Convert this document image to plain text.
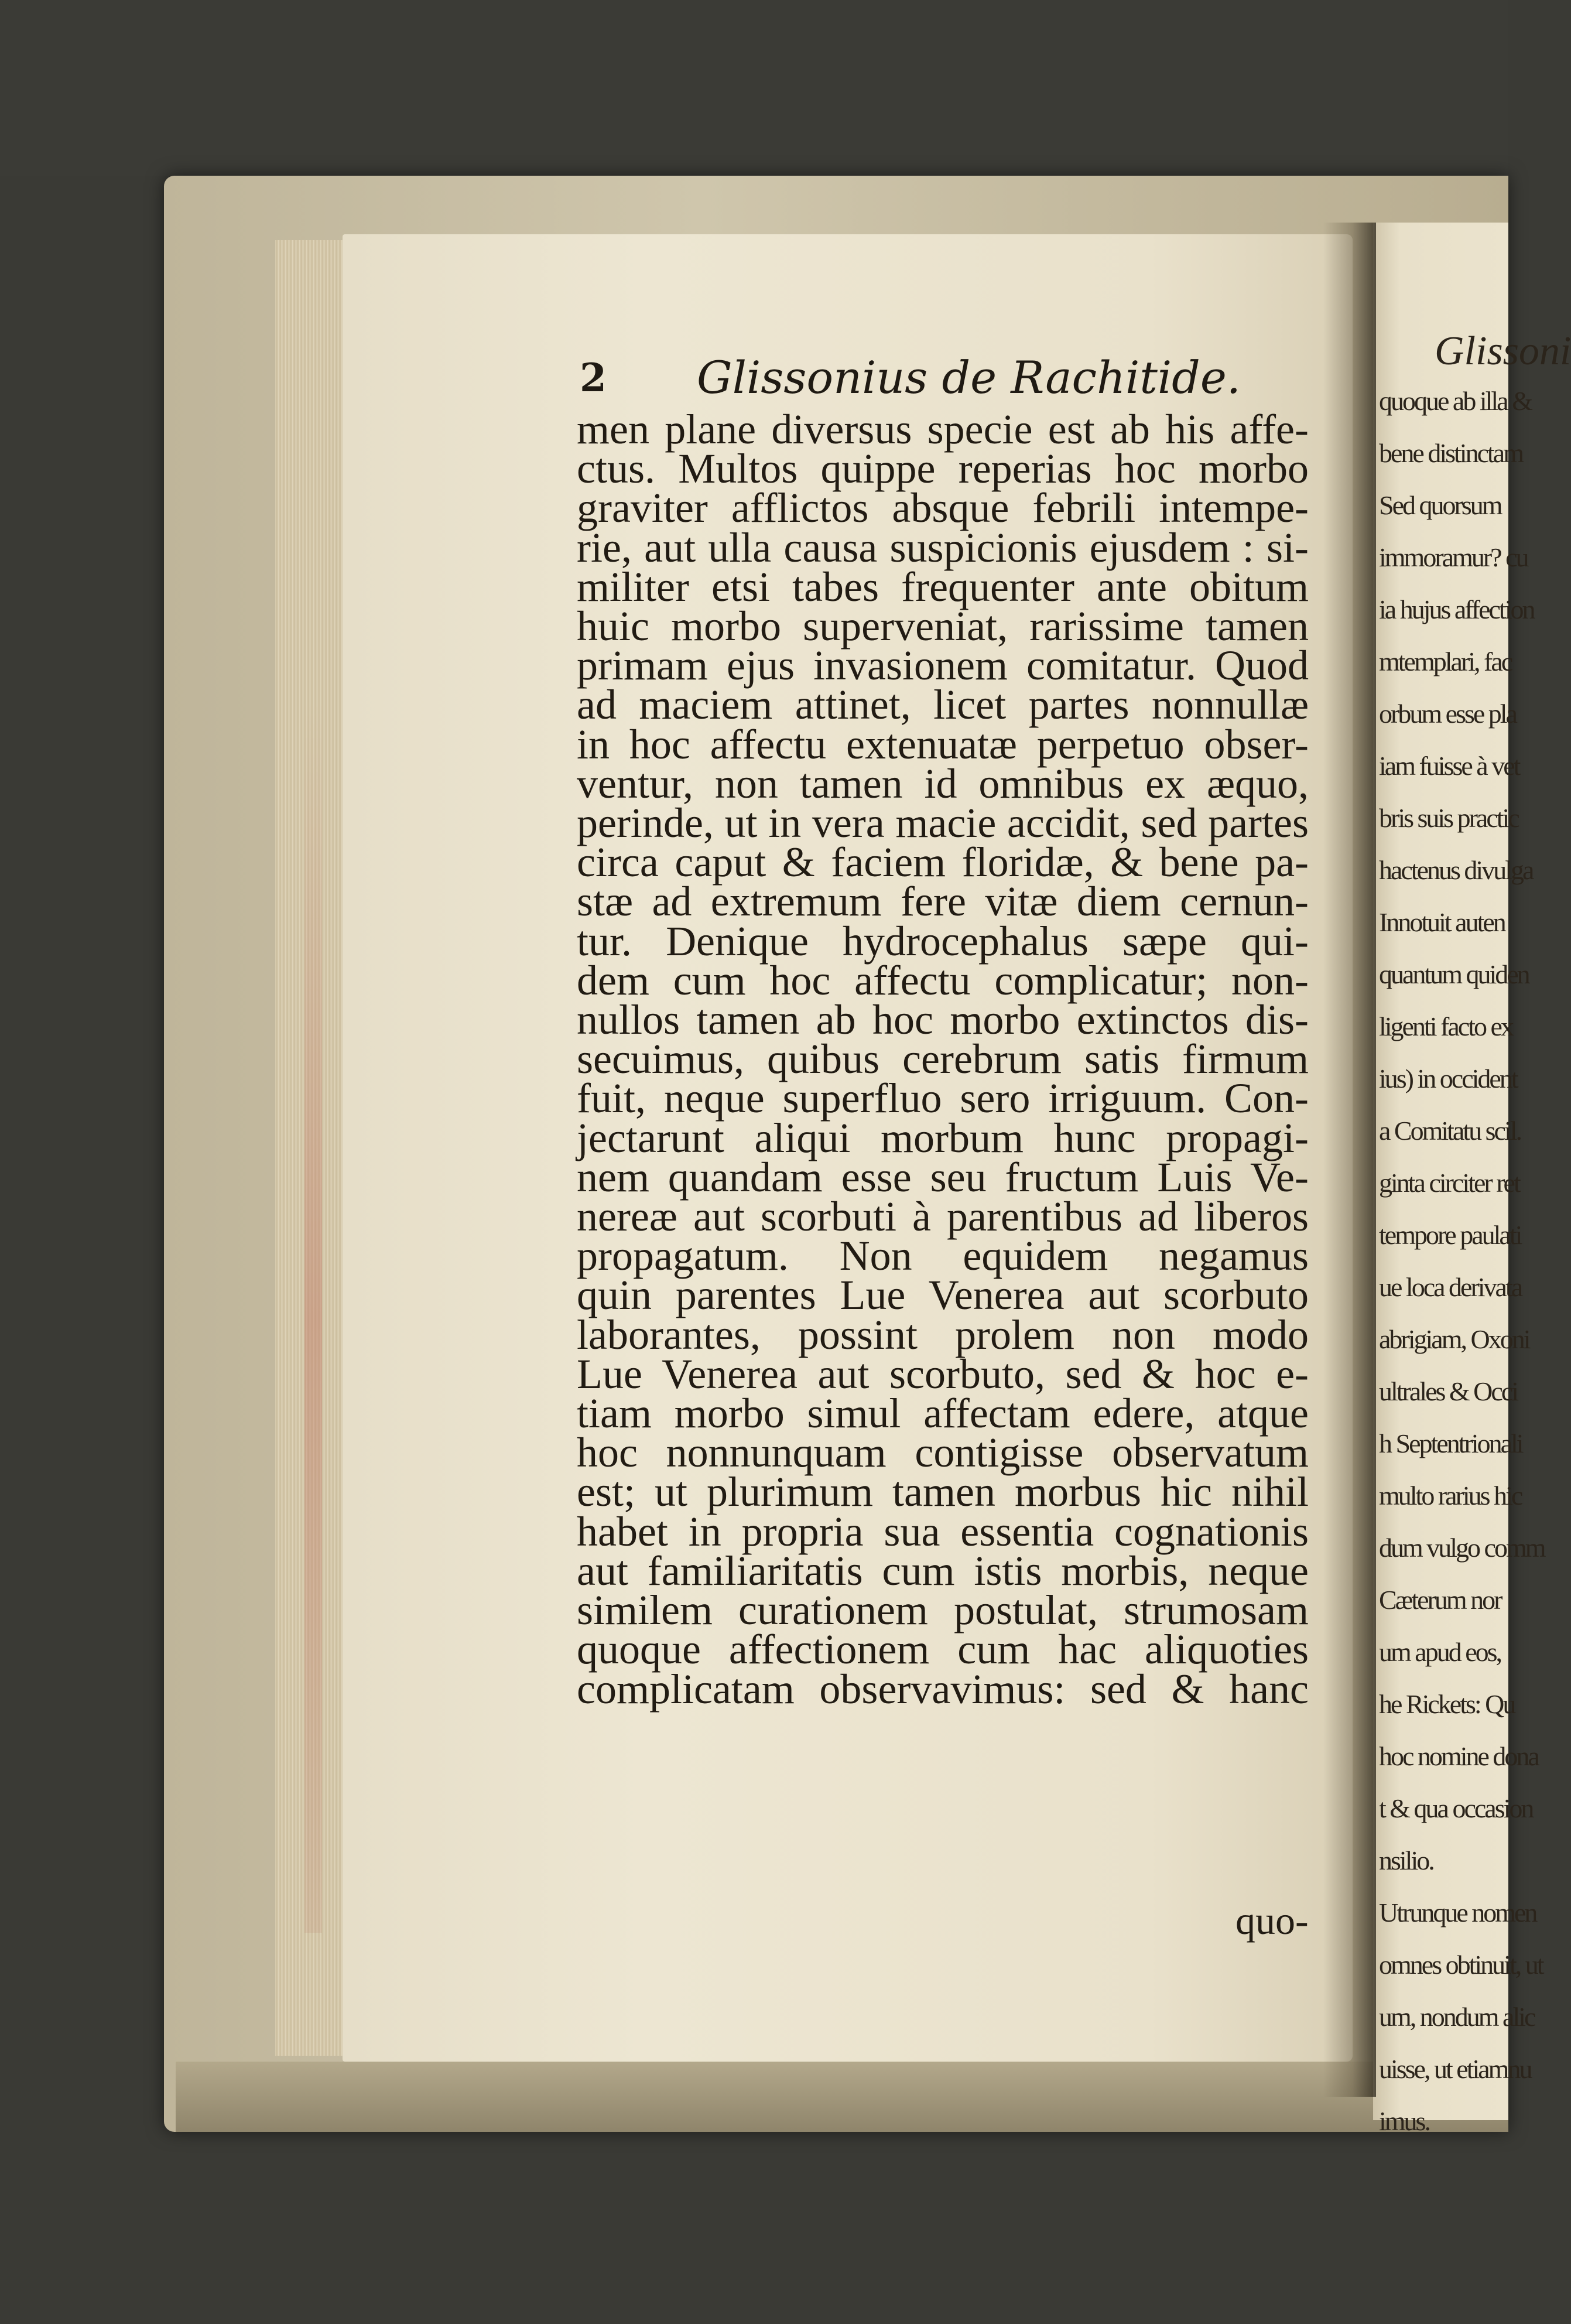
2 Glissonius de Rachitide.
men plane diversus specie est ab his affe-
ctus. Multos quippe reperias hoc morbo
graviter afflictos absque febrili intempe-
rie, aut ulla causa suspicionis ejusdem : si-
militer etsi tabes frequenter ante obitum
huic morbo superveniat, rarissime tamen
primam ejus invasionem comitatur. Quod
ad maciem attinet, licet partes nonnullæ
in hoc affectu extenuatæ perpetuo obser-
ventur, non tamen id omnibus ex æquo,
perinde, ut in vera macie accidit, sed partes
circa caput & faciem floridæ, & bene pa-
stæ ad extremum fere vitæ diem cernun-
tur. Denique hydrocephalus sæpe qui-
dem cum hoc affectu complicatur; non-
nullos tamen ab hoc morbo extinctos dis-
secuimus, quibus cerebrum satis firmum
fuit, neque superfluo sero irriguum. Con-
jectarunt aliqui morbum hunc propagi-
nem quandam esse seu fructum Luis Ve-
nereæ aut scorbuti à parentibus ad liberos
propagatum. Non equidem negamus
quin parentes Lue Venerea aut scorbuto
laborantes, possint prolem non modo
Lue Venerea aut scorbuto, sed & hoc e-
tiam morbo simul affectam edere, atque
hoc nonnunquam contigisse observatum
est; ut plurimum tamen morbus hic nihil
habet in propria sua essentia cognationis
aut familiaritatis cum istis morbis, neque
similem curationem postulat, strumosam
quoque affectionem cum hac aliquoties
complicatam observavimus: sed & hanc
quo-
Glissoni
quoque ab illa &
bene distinctam
Sed quorsum
immoramur? cu
ia hujus affection
mtemplari, fac
orbum esse pla
iam fuisse à vet
bris suis practic
hactenus divulga
Innotuit auten
quantum quiden
ligenti facto ex
ius) in occident
a Comitatu scil.
ginta circiter ret
tempore paulati
ue loca derivata
abrigiam, Oxoni
ultrales & Occi
h Septentrionali
multo rarius hic
dum vulgo comm
Cæterum nor
um apud eos,
he Rickets: Qu
hoc nomine dona
t & qua occasion
nsilio.
Utrunque nomen
omnes obtinuit, ut
um, nondum alic
uisse, ut etiamnu
imus.
